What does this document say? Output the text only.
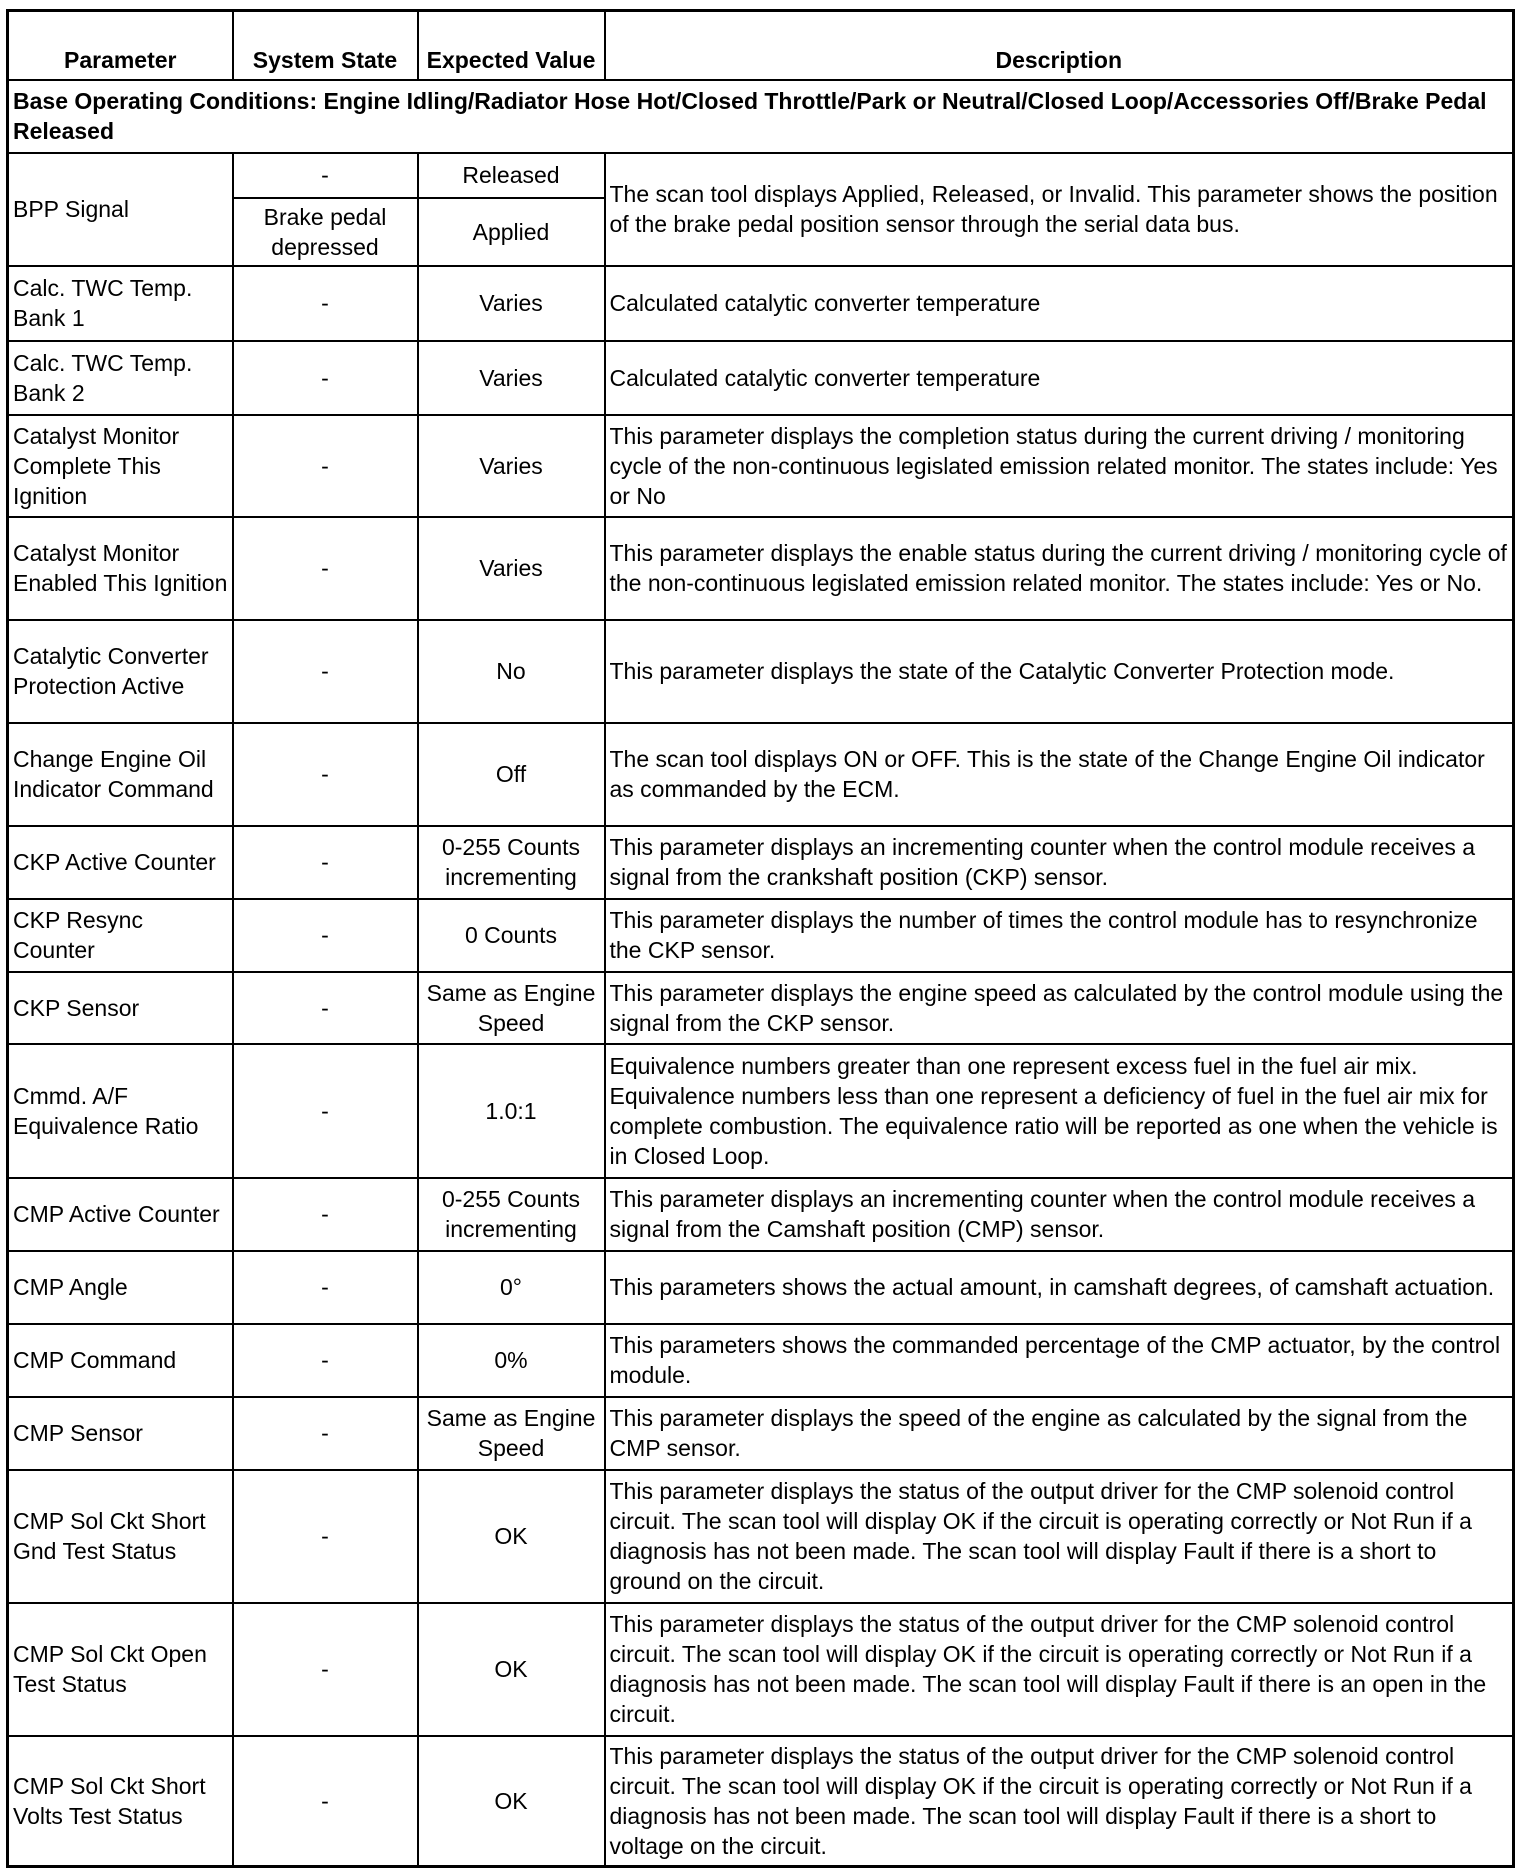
Parameter	System State	Expected Value	Description
Base Operating Conditions: Engine Idling/Radiator Hose Hot/Closed Throttle/Park or Neutral/Closed Loop/Accessories Off/Brake Pedal Released			
BPP Signal	-	Released	The scan tool displays Applied, Released, or Invalid. This parameter shows the position of the brake pedal position sensor through the serial data bus.
	Brake pedal depressed	Applied	
Calc. TWC Temp. Bank 1	-	Varies	Calculated catalytic converter temperature
Calc. TWC Temp. Bank 2	-	Varies	Calculated catalytic converter temperature
Catalyst Monitor Complete This Ignition	-	Varies	This parameter displays the completion status during the current driving / monitoring cycle of the non-continuous legislated emission related monitor. The states include: Yes or No
Catalyst Monitor Enabled This Ignition	-	Varies	This parameter displays the enable status during the current driving / monitoring cycle of the non-continuous legislated emission related monitor. The states include: Yes or No.
Catalytic Converter Protection Active	-	No	This parameter displays the state of the Catalytic Converter Protection mode.
Change Engine Oil Indicator Command	-	Off	The scan tool displays ON or OFF. This is the state of the Change Engine Oil indicator as commanded by the ECM.
CKP Active Counter	-	0-255 Counts incrementing	This parameter displays an incrementing counter when the control module receives a signal from the crankshaft position (CKP) sensor.
CKP Resync Counter	-	0 Counts	This parameter displays the number of times the control module has to resynchronize the CKP sensor.
CKP Sensor	-	Same as Engine Speed	This parameter displays the engine speed as calculated by the control module using the signal from the CKP sensor.
Cmmd. A/F Equivalence Ratio	-	1.0:1	Equivalence numbers greater than one represent excess fuel in the fuel air mix. Equivalence numbers less than one represent a deficiency of fuel in the fuel air mix for complete combustion. The equivalence ratio will be reported as one when the vehicle is in Closed Loop.
CMP Active Counter	-	0-255 Counts incrementing	This parameter displays an incrementing counter when the control module receives a signal from the Camshaft position (CMP) sensor.
CMP Angle	-	0°	This parameters shows the actual amount, in camshaft degrees, of camshaft actuation.
CMP Command	-	0%	This parameters shows the commanded percentage of the CMP actuator, by the control module.
CMP Sensor	-	Same as Engine Speed	This parameter displays the speed of the engine as calculated by the signal from the CMP sensor.
CMP Sol Ckt Short Gnd Test Status	-	OK	This parameter displays the status of the output driver for the CMP solenoid control circuit. The scan tool will display OK if the circuit is operating correctly or Not Run if a diagnosis has not been made. The scan tool will display Fault if there is a short to ground on the circuit.
CMP Sol Ckt Open Test Status	-	OK	This parameter displays the status of the output driver for the CMP solenoid control circuit. The scan tool will display OK if the circuit is operating correctly or Not Run if a diagnosis has not been made. The scan tool will display Fault if there is an open in the circuit.
CMP Sol Ckt Short Volts Test Status	-	OK	This parameter displays the status of the output driver for the CMP solenoid control circuit. The scan tool will display OK if the circuit is operating correctly or Not Run if a diagnosis has not been made. The scan tool will display Fault if there is a short to voltage on the circuit.
